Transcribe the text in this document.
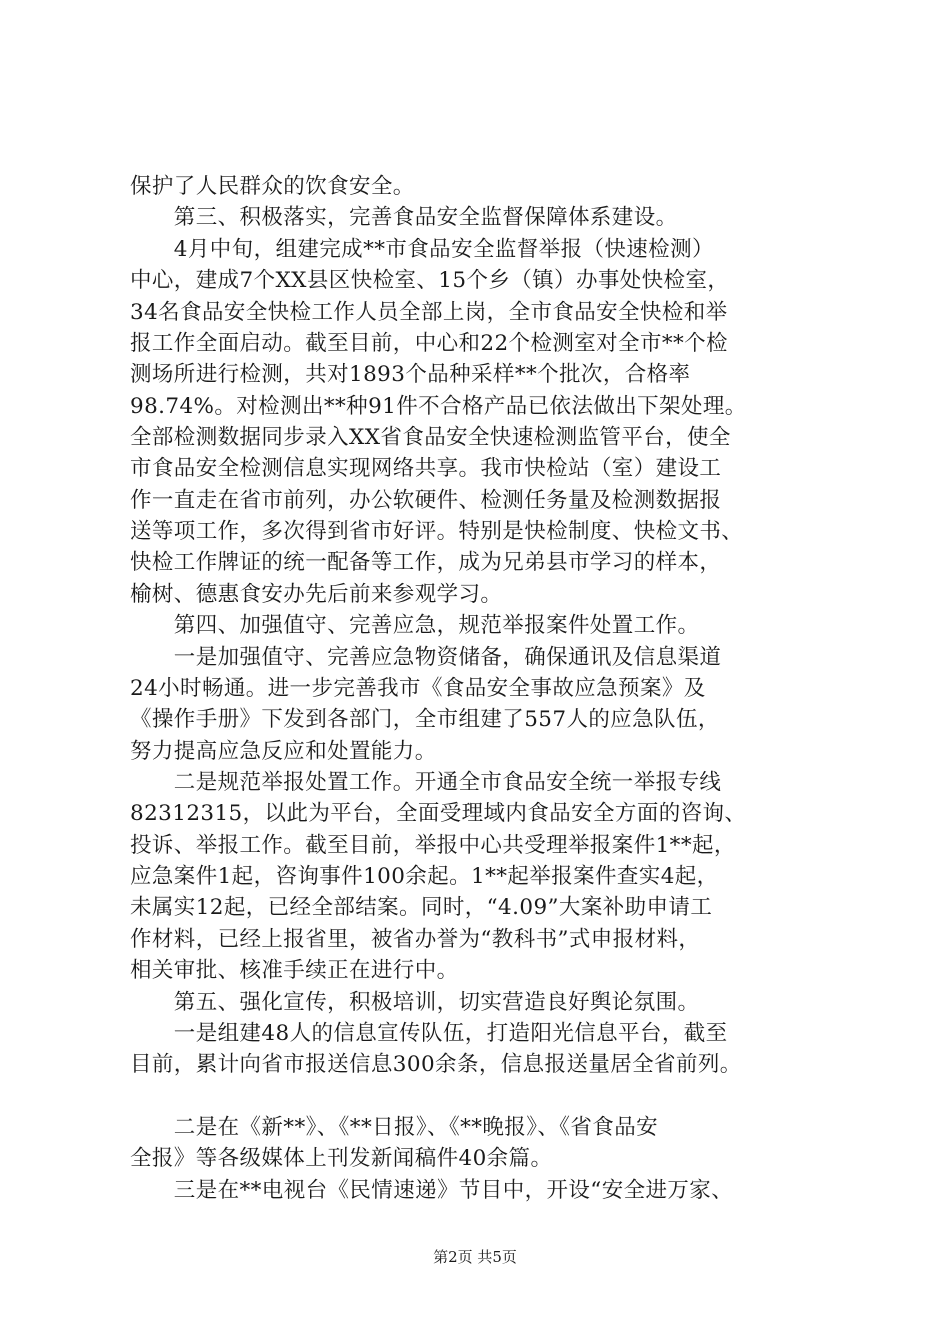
保护了人民群众的饮食安全。
　　第三、积极落实，完善食品安全监督保障体系建设。
　　4月中旬，组建完成**市食品安全监督举报（快速检测）
中心，建成7个XX县区快检室、15个乡（镇）办事处快检室，
34名食品安全快检工作人员全部上岗，全市食品安全快检和举
报工作全面启动。截至目前，中心和22个检测室对全市**个检
测场所进行检测，共对1893个品种采样**个批次，合格率
98.74%。对检测出**种91件不合格产品已依法做出下架处理。
全部检测数据同步录入XX省食品安全快速检测监管平台，使全
市食品安全检测信息实现网络共享。我市快检站（室）建设工
作一直走在省市前列，办公软硬件、检测任务量及检测数据报
送等项工作，多次得到省市好评。特别是快检制度、快检文书、
快检工作牌证的统一配备等工作，成为兄弟县市学习的样本，
榆树、德惠食安办先后前来参观学习。
　　第四、加强值守、完善应急，规范举报案件处置工作。
　　一是加强值守、完善应急物资储备，确保通讯及信息渠道
24小时畅通。进一步完善我市《食品安全事故应急预案》及
《操作手册》下发到各部门，全市组建了557人的应急队伍，
努力提高应急反应和处置能力。
　　二是规范举报处置工作。开通全市食品安全统一举报专线
82312315，以此为平台，全面受理域内食品安全方面的咨询、
投诉、举报工作。截至目前，举报中心共受理举报案件1**起，
应急案件1起，咨询事件100余起。1**起举报案件查实4起，
未属实12起，已经全部结案。同时，“4.09”大案补助申请工
作材料，已经上报省里，被省办誉为“教科书”式申报材料，
相关审批、核准手续正在进行中。
　　第五、强化宣传，积极培训，切实营造良好舆论氛围。
　　一是组建48人的信息宣传队伍，打造阳光信息平台，截至
目前，累计向省市报送信息300余条，信息报送量居全省前列。
　　二是在《新**》、《**日报》、《**晚报》、《省食品安
全报》等各级媒体上刊发新闻稿件40余篇。
　　三是在**电视台《民情速递》节目中，开设“安全进万家、
第2页 共5页
